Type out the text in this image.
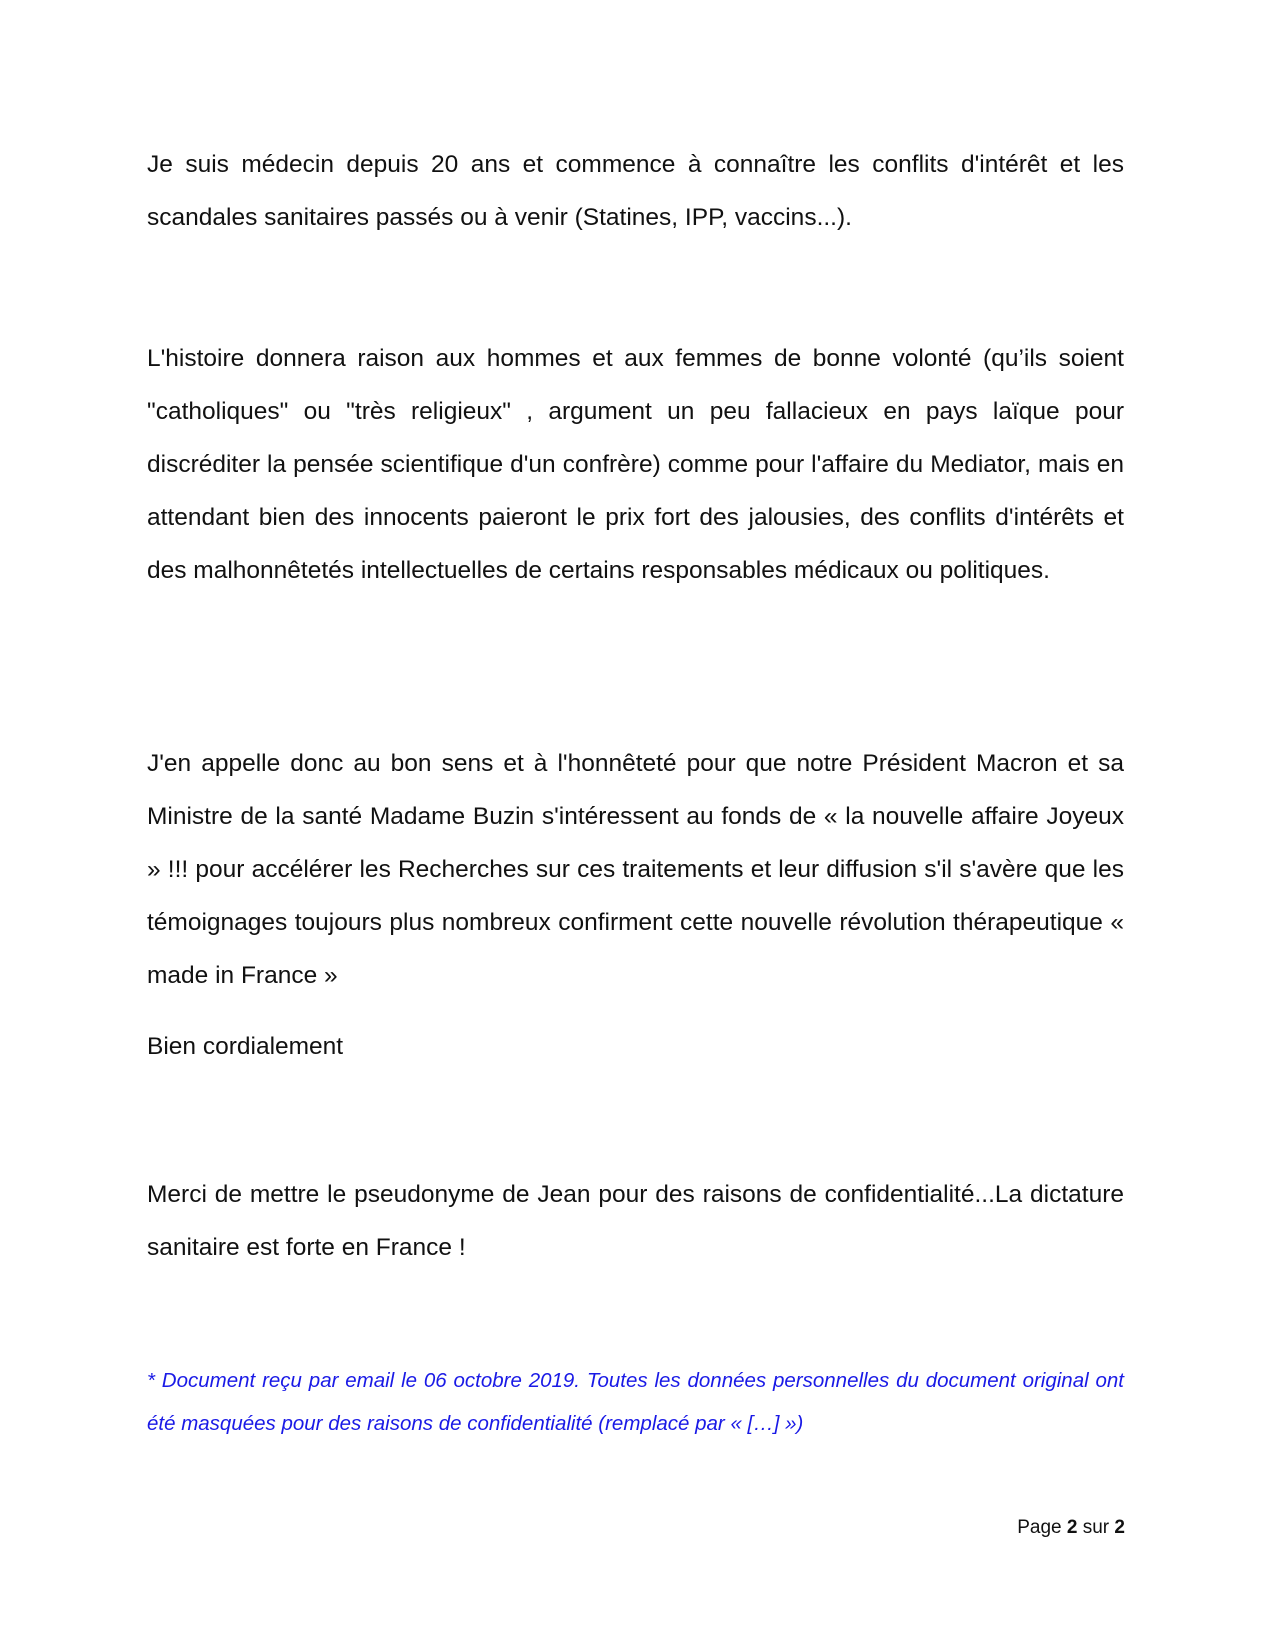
Je suis médecin depuis 20 ans et commence à connaître les conflits d'intérêt et les scandales sanitaires passés ou à venir (Statines, IPP, vaccins...).

L'histoire donnera raison aux hommes et aux femmes de bonne volonté (qu’ils soient "catholiques" ou "très religieux" , argument un peu fallacieux en pays laïque pour discréditer la pensée scientifique d'un confrère) comme pour l'affaire du Mediator, mais en attendant bien des innocents paieront le prix fort des jalousies, des conflits d'intérêts et des malhonnêtetés intellectuelles de certains responsables médicaux ou politiques.

J'en appelle donc au bon sens et à l'honnêteté pour que notre Président Macron et sa Ministre de la santé Madame Buzin s'intéressent au fonds de « la nouvelle affaire Joyeux » !!! pour accélérer les Recherches sur ces traitements et leur diffusion s'il s'avère que les témoignages toujours plus nombreux confirment cette nouvelle révolution thérapeutique « made in France »

Bien cordialement

Merci de mettre le pseudonyme de Jean pour des raisons de confidentialité...La dictature sanitaire est forte en France !

* Document reçu par email le 06 octobre 2019. Toutes les données personnelles du document original ont été masquées pour des raisons de confidentialité (remplacé par « […] »)

Page 2 sur 2
